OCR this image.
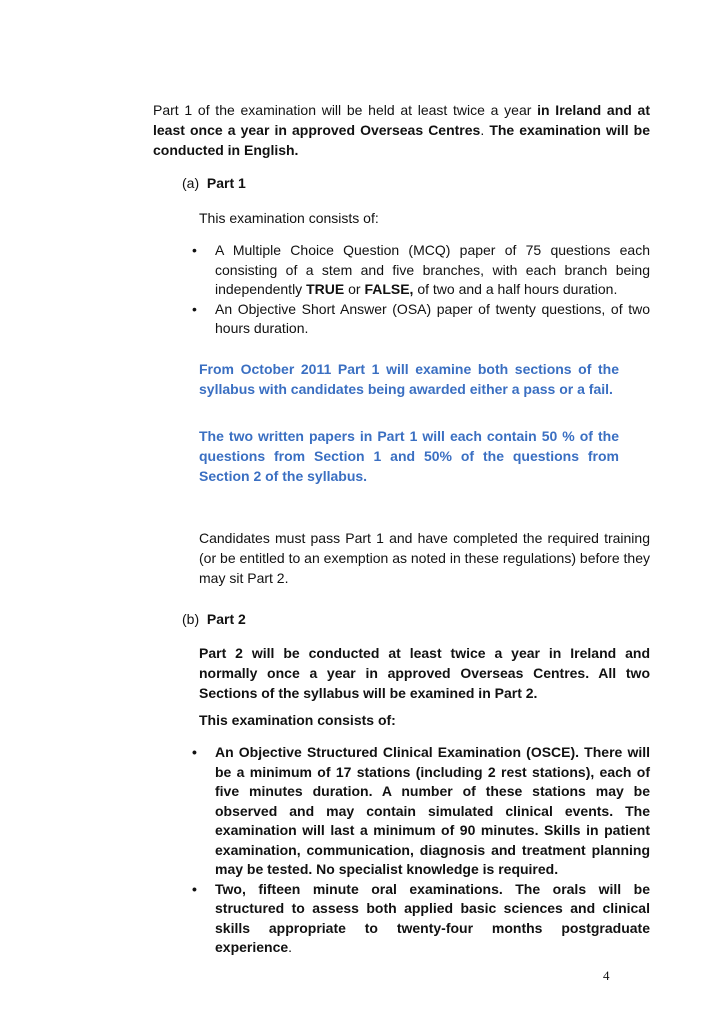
Part 1 of the examination will be held at least twice a year in Ireland and at least once a year in approved Overseas Centres. The examination will be conducted in English.
(a) Part 1
This examination consists of:
• A Multiple Choice Question (MCQ) paper of 75 questions each consisting of a stem and five branches, with each branch being independently TRUE or FALSE, of two and a half hours duration.
• An Objective Short Answer (OSA) paper of twenty questions, of two hours duration.
From October 2011 Part 1 will examine both sections of the syllabus with candidates being awarded either a pass or a fail.
The two written papers in Part 1 will each contain 50 % of the questions from Section 1 and 50% of the questions from Section 2 of the syllabus.
Candidates must pass Part 1 and have completed the required training (or be entitled to an exemption as noted in these regulations) before they may sit Part 2.
(b) Part 2
Part 2 will be conducted at least twice a year in Ireland and normally once a year in approved Overseas Centres. All two Sections of the syllabus will be examined in Part 2.
This examination consists of:
• An Objective Structured Clinical Examination (OSCE). There will be a minimum of 17 stations (including 2 rest stations), each of five minutes duration. A number of these stations may be observed and may contain simulated clinical events. The examination will last a minimum of 90 minutes. Skills in patient examination, communication, diagnosis and treatment planning may be tested. No specialist knowledge is required.
• Two, fifteen minute oral examinations. The orals will be structured to assess both applied basic sciences and clinical skills appropriate to twenty-four months postgraduate experience.
4
